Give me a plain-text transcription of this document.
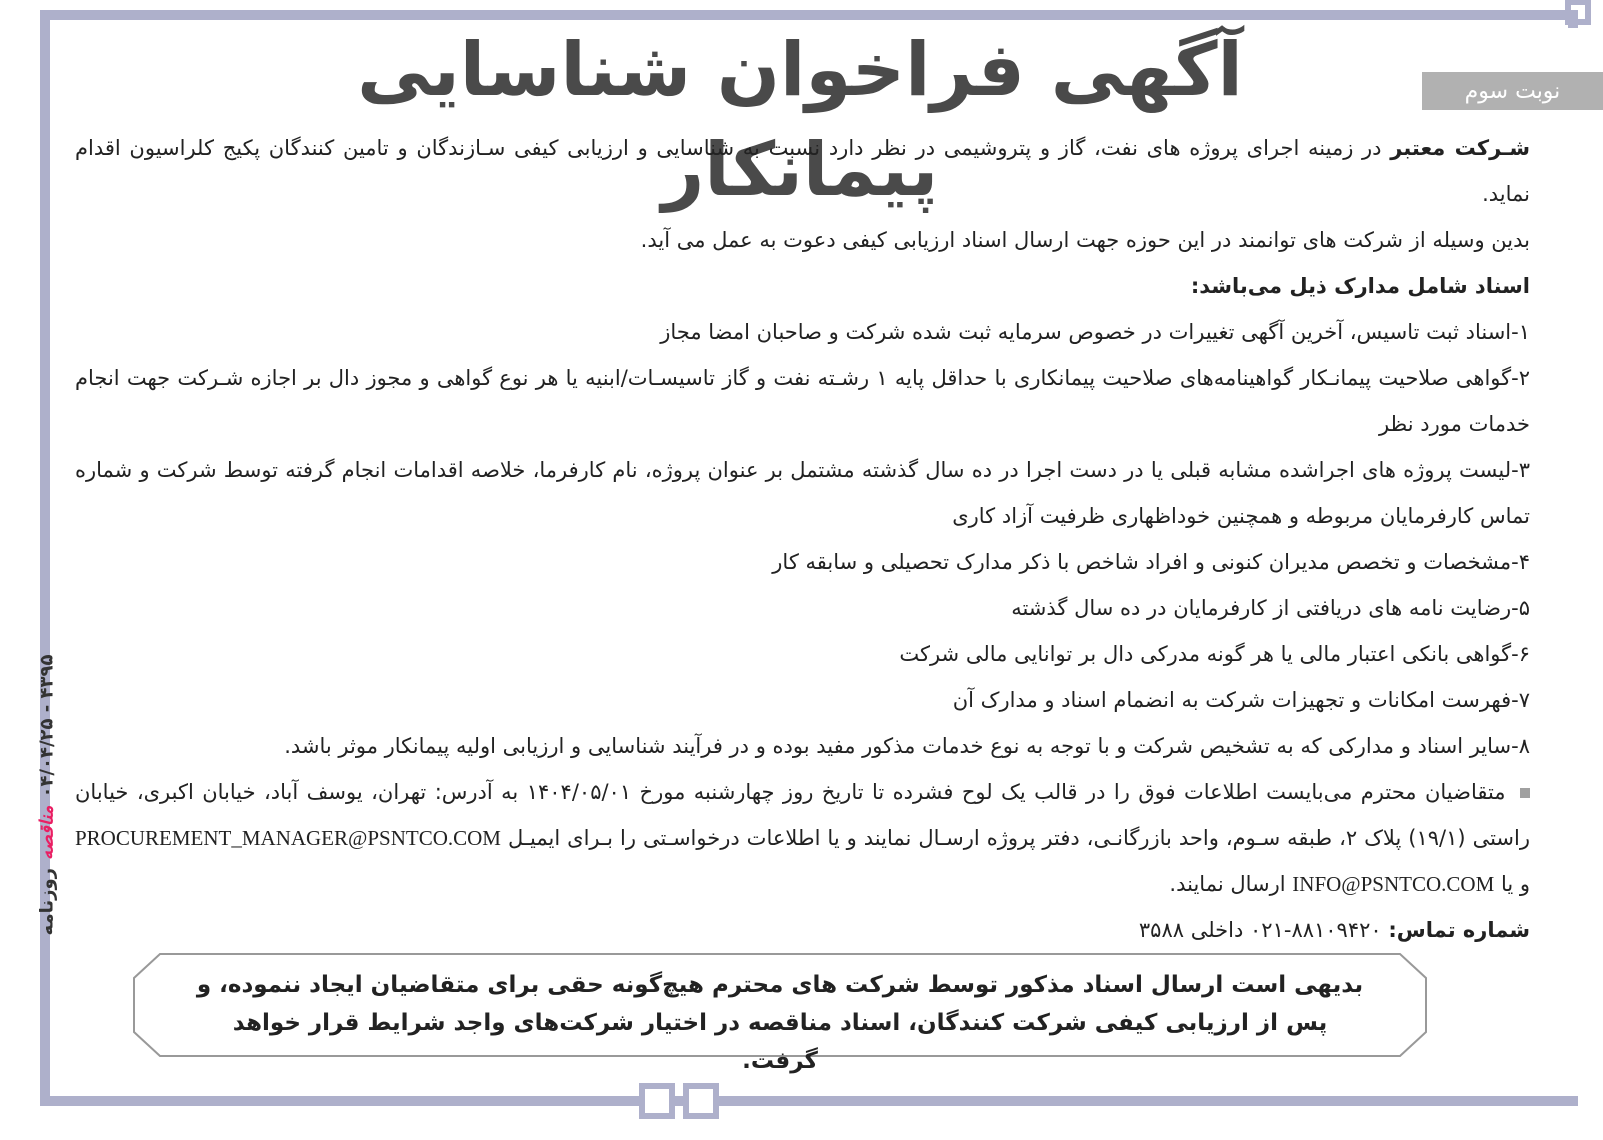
نوبت سوم
روزنامه
مناقصه
۰۴/۰۴/۲۵ - ۴۳۹۵
آگهی فراخوان شناسایی پیمانکار	شـرکت معتبر در زمینه اجرای پروژه های نفت، گاز و پتروشیمی در نظر دارد نسبت به شناسایی و ارزیابی کیفی سـازندگان و تامین کنندگان پکیج کلراسیون اقدام نماید.

بدین وسیله از شرکت های توانمند در این حوزه جهت ارسال اسناد ارزیابی کیفی دعوت به عمل می آید.

اسناد شامل مدارک ذیل می‌باشد:

۱-اسناد ثبت تاسیس، آخرین آگهی تغییرات در خصوص سرمایه ثبت شده شرکت و صاحبان امضا مجاز

۲-گواهی صلاحیت پیمانـکار گواهینامه‌های صلاحیت پیمانکاری با حداقل پایه ۱ رشـته نفت و گاز تاسیسـات/ابنیه یا هر نوع گواهی و مجوز دال بر اجازه شـرکت جهت انجام خدمات مورد نظر

۳-لیست پروژه های اجراشده مشابه قبلی یا در دست اجرا در ده سال گذشته مشتمل بر عنوان پروژه، نام کارفرما، خلاصه اقدامات انجام گرفته توسط شرکت و شماره تماس کارفرمایان مربوطه و همچنین خوداظهاری ظرفیت آزاد کاری

۴-مشخصات و تخصص مدیران کنونی و افراد شاخص با ذکر مدارک تحصیلی و سابقه کار

۵-رضایت نامه های دریافتی از کارفرمایان در ده سال گذشته

۶-گواهی بانکی اعتبار مالی یا هر گونه مدرکی دال بر توانایی مالی شرکت

۷-فهرست امکانات و تجهیزات شرکت به انضمام اسناد و مدارک آن

۸-سایر اسناد و مدارکی که به تشخیص شرکت و با توجه به نوع خدمات مذکور مفید بوده و در فرآیند شناسایی و ارزیابی اولیه پیمانکار موثر باشد.

متقاضیان محترم می‌بایست اطلاعات فوق را در قالب یک لوح فشرده تا تاریخ روز چهارشنبه مورخ ۱۴۰۴/۰۵/۰۱ به آدرس: تهران، یوسف آباد، خیابان اکبری، خیابان راستی (۱۹/۱) پلاک ۲، طبقه سـوم، واحد بازرگانـی، دفتر پروژه ارسـال نمایند و یا اطلاعات درخواسـتی را بـرای ایمیـل PROCUREMENT_MANAGER@PSNTCO.COM و یا INFO@PSNTCO.COM ارسال نمایند.

شماره تماس: ۸۸۱۰۹۴۲۰-۰۲۱ داخلی ۳۵۸۸

بدیهی است ارسال اسناد مذکور توسط شرکت های محترم هیچ‌گونه حقی برای متقاضیان ایجاد ننموده، و پس از ارزیابی کیفی شرکت کنندگان، اسناد مناقصه در اختیار شرکت‌های واجد شرایط قرار خواهد گرفت.
